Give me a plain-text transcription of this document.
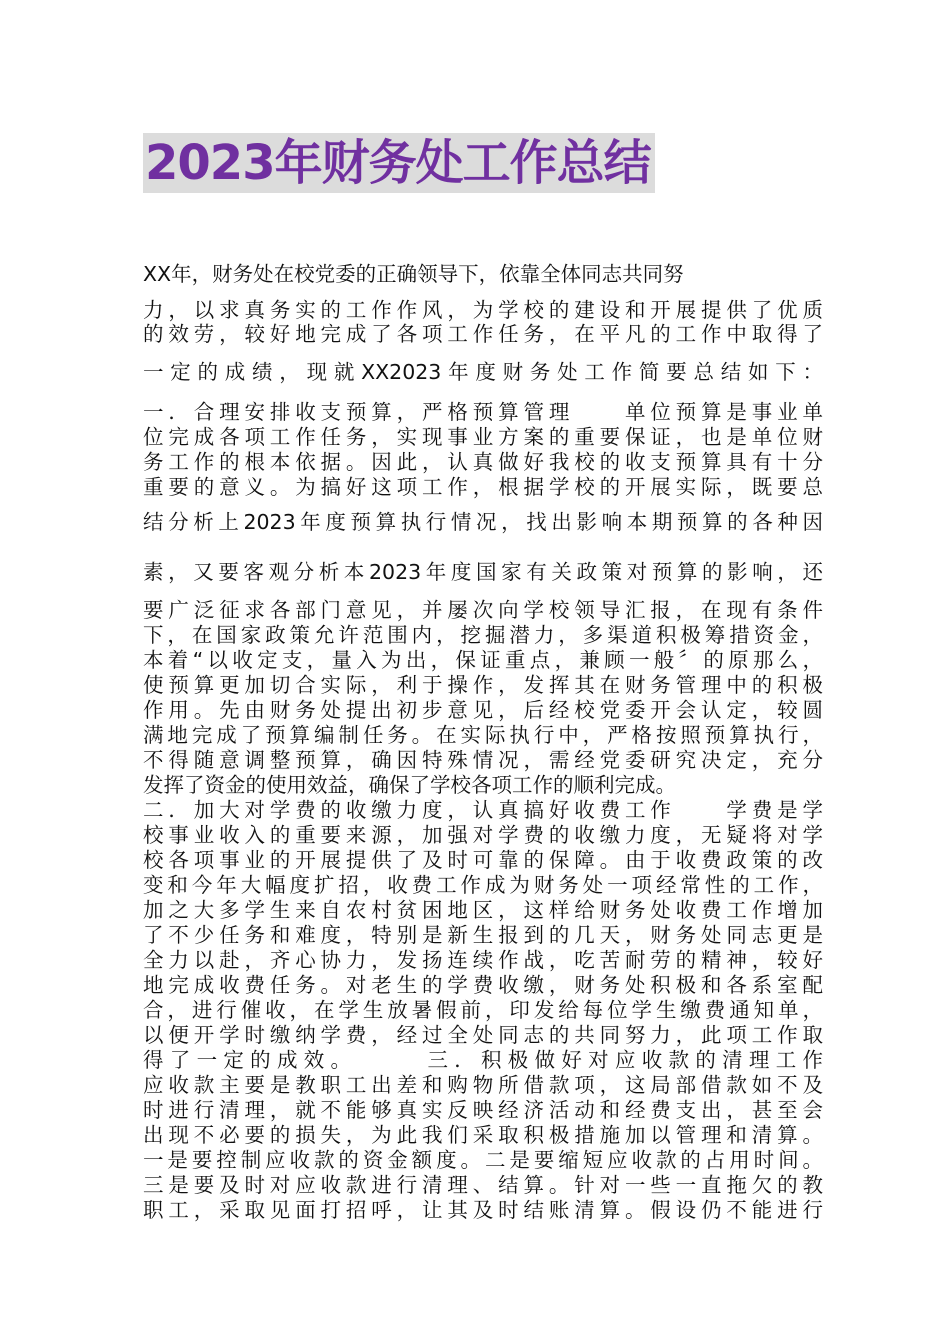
2023年财务处工作总结
XX年，财务处在校党委的正确领导下，依靠全体同志共同努
力，以求真务实的工作作风，为学校的建设和开展提供了优质
的效劳，较好地完成了各项工作任务，在平凡的工作中取得了
一定的成绩，现就XX2023年度财务处工作简要总结如下：
一．合理安排收支预算，严格预算管理　　单位预算是事业单
位完成各项工作任务，实现事业方案的重要保证，也是单位财
务工作的根本依据。因此，认真做好我校的收支预算具有十分
重要的意义。为搞好这项工作，根据学校的开展实际，既要总
结分析上2023年度预算执行情况，找出影响本期预算的各种因
素，又要客观分析本2023年度国家有关政策对预算的影响，还
要广泛征求各部门意见，并屡次向学校领导汇报，在现有条件
下，在国家政策允许范围内，挖掘潜力，多渠道积极筹措资金，
本着“以收定支，量入为出，保证重点，兼顾一般〞的原那么，
使预算更加切合实际，利于操作，发挥其在财务管理中的积极
作用。先由财务处提出初步意见，后经校党委开会认定，较圆
满地完成了预算编制任务。在实际执行中，严格按照预算执行，
不得随意调整预算，确因特殊情况，需经党委研究决定，充分
发挥了资金的使用效益，确保了学校各项工作的顺利完成。
二．加大对学费的收缴力度，认真搞好收费工作　　学费是学
校事业收入的重要来源，加强对学费的收缴力度，无疑将对学
校各项事业的开展提供了及时可靠的保障。由于收费政策的改
变和今年大幅度扩招，收费工作成为财务处一项经常性的工作，
加之大多学生来自农村贫困地区，这样给财务处收费工作增加
了不少任务和难度，特别是新生报到的几天，财务处同志更是
全力以赴，齐心协力，发扬连续作战，吃苦耐劳的精神，较好
地完成收费任务。对老生的学费收缴，财务处积极和各系室配
合，进行催收，在学生放暑假前，印发给每位学生缴费通知单，
以便开学时缴纳学费，经过全处同志的共同努力，此项工作取
得了一定的成效。　　　三．积极做好对应收款的清理工作
应收款主要是教职工出差和购物所借款项，这局部借款如不及
时进行清理，就不能够真实反映经济活动和经费支出，甚至会
出现不必要的损失，为此我们采取积极措施加以管理和清算。
一是要控制应收款的资金额度。二是要缩短应收款的占用时间。
三是要及时对应收款进行清理、结算。针对一些一直拖欠的教
职工，采取见面打招呼，让其及时结账清算。假设仍不能进行
